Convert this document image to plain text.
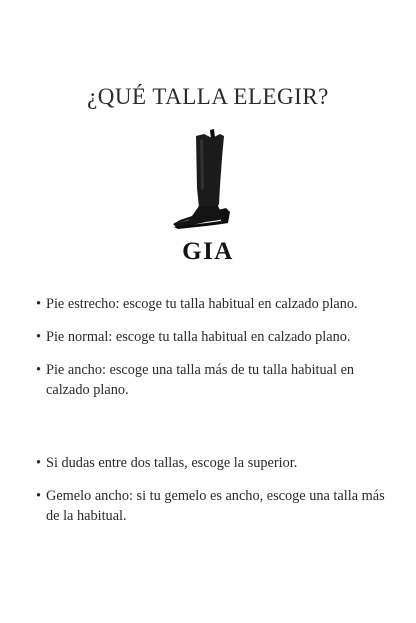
¿QUÉ TALLA ELEGIR?
GIA
• Pie estrecho: escoge tu talla habitual en calzado plano.
• Pie normal: escoge tu talla habitual en calzado plano.
• Pie ancho: escoge una talla más de tu talla habitual en calzado plano.
• Si dudas entre dos tallas, escoge la superior.
• Gemelo ancho: si tu gemelo es ancho, escoge una talla más de la habitual.
